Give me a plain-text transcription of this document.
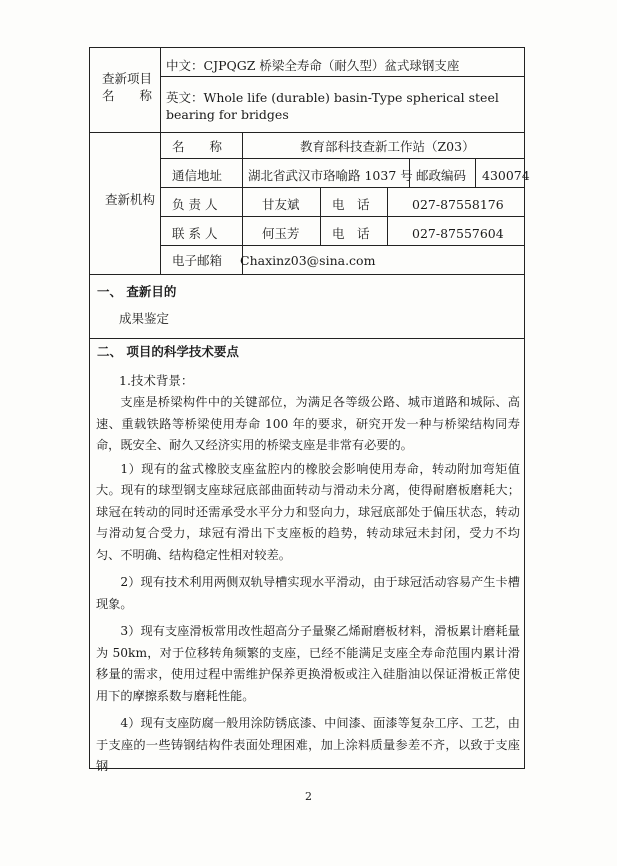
查新项目名　　称
中文：CJPQGZ 桥梁全寿命（耐久型）盆式球钢支座
英文：Whole life (durable) basin-Type spherical steel bearing for bridges
查新机构
名　　称	教育部科技查新工作站（Z03）
通信地址 湖北省武汉市珞喻路 1037 号 邮政编码 430074
负 责 人	甘友斌	电　话	027-87558176
联 系 人	何玉芳	电　话	027-87557604
电子邮箱 Chaxinz03@sina.com
一、 查新目的
成果鉴定
二、 项目的科学技术要点
1.技术背景：

支座是桥梁构件中的关键部位，为满足各等级公路、城市道路和城际、高速、重载铁路等桥梁使用寿命 100 年的要求，研究开发一种与桥梁结构同寿命，既安全、耐久又经济实用的桥梁支座是非常有必要的。

1）现有的盆式橡胶支座盆腔内的橡胶会影响使用寿命，转动附加弯矩值大。现有的球型钢支座球冠底部曲面转动与滑动未分离，使得耐磨板磨耗大；球冠在转动的同时还需承受水平分力和竖向力，球冠底部处于偏压状态，转动与滑动复合受力，球冠有滑出下支座板的趋势，转动球冠未封闭，受力不均匀、不明确、结构稳定性相对较差。

2）现有技术利用两侧双轨导槽实现水平滑动，由于球冠活动容易产生卡槽现象。

3）现有支座滑板常用改性超高分子量聚乙烯耐磨板材料，滑板累计磨耗量为 50km，对于位移转角频繁的支座，已经不能满足支座全寿命范围内累计滑移量的需求，使用过程中需维护保养更换滑板或注入硅脂油以保证滑板正常使用下的摩擦系数与磨耗性能。

4）现有支座防腐一般用涂防锈底漆、中间漆、面漆等复杂工序、工艺，由于支座的一些铸钢结构件表面处理困难，加上涂料质量参差不齐，以致于支座钢

2
